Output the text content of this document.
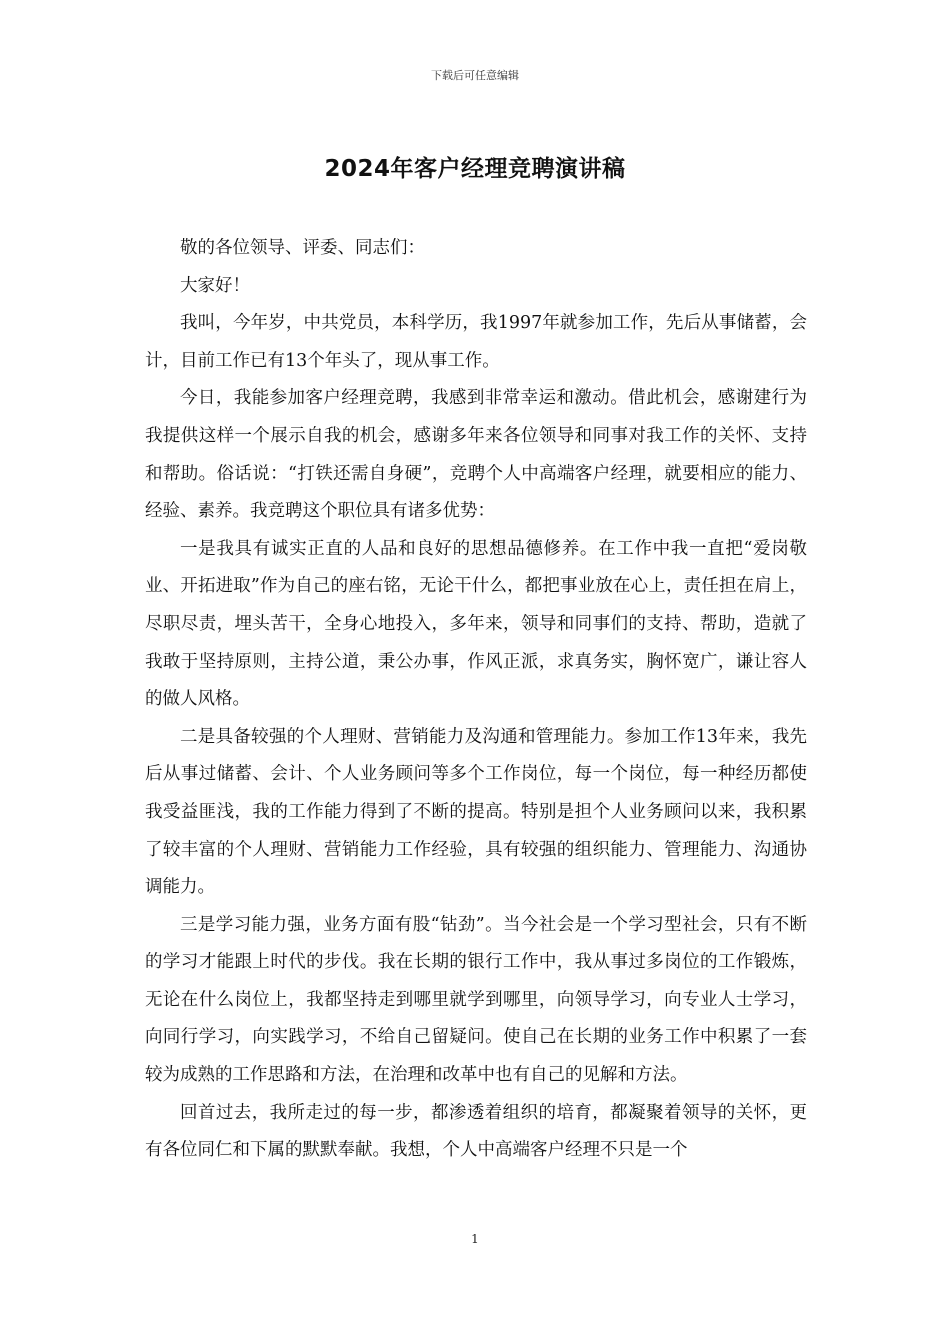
下载后可任意编辑
2024年客户经理竞聘演讲稿

敬的各位领导、评委、同志们：

大家好！

我叫，今年岁，中共党员，本科学历，我1997年就参加工作，先后从事储蓄，会计，目前工作已有13个年头了，现从事工作。

今日，我能参加客户经理竞聘，我感到非常幸运和激动。借此机会，感谢建行为我提供这样一个展示自我的机会，感谢多年来各位领导和同事对我工作的关怀、支持和帮助。俗话说：“打铁还需自身硬”，竞聘个人中高端客户经理，就要相应的能力、经验、素养。我竞聘这个职位具有诸多优势：

一是我具有诚实正直的人品和良好的思想品德修养。在工作中我一直把“爱岗敬业、开拓进取”作为自己的座右铭，无论干什么，都把事业放在心上，责任担在肩上，尽职尽责，埋头苦干，全身心地投入，多年来，领导和同事们的支持、帮助，造就了我敢于坚持原则，主持公道，秉公办事，作风正派，求真务实，胸怀宽广，谦让容人的做人风格。

二是具备较强的个人理财、营销能力及沟通和管理能力。参加工作13年来，我先后从事过储蓄、会计、个人业务顾问等多个工作岗位，每一个岗位，每一种经历都使我受益匪浅，我的工作能力得到了不断的提高。特别是担个人业务顾问以来，我积累了较丰富的个人理财、营销能力工作经验，具有较强的组织能力、管理能力、沟通协调能力。

三是学习能力强，业务方面有股“钻劲”。当今社会是一个学习型社会，只有不断的学习才能跟上时代的步伐。我在长期的银行工作中，我从事过多岗位的工作锻炼，无论在什么岗位上，我都坚持走到哪里就学到哪里，向领导学习，向专业人士学习，向同行学习，向实践学习，不给自己留疑问。使自己在长期的业务工作中积累了一套较为成熟的工作思路和方法，在治理和改革中也有自己的见解和方法。

回首过去，我所走过的每一步，都渗透着组织的培育，都凝聚着领导的关怀，更有各位同仁和下属的默默奉献。我想，个人中高端客户经理不只是一个

1
